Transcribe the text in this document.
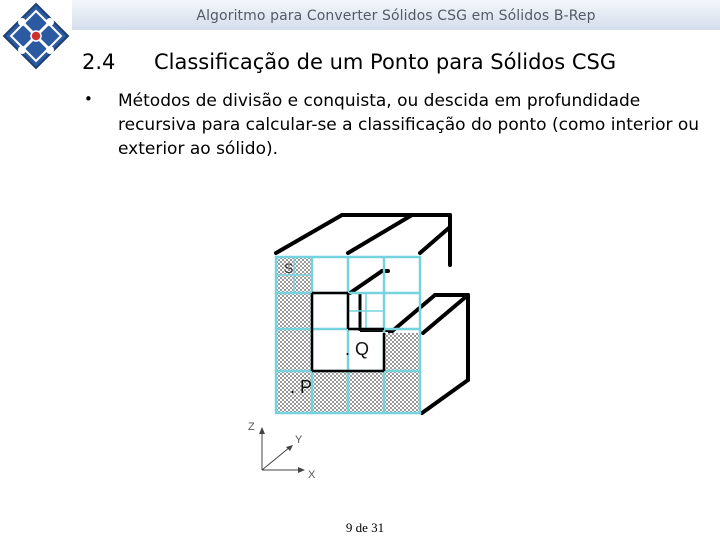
Algoritmo para Converter Sólidos CSG em Sólidos B-Rep
2.4 Classificação de um Ponto para Sólidos CSG
• Métodos de divisão e conquista, ou descida em profundidade recursiva para calcular-se a classificação do ponto (como interior ou exterior ao sólido).
S
. Q
. P
Z
Y
X
9 de 31
